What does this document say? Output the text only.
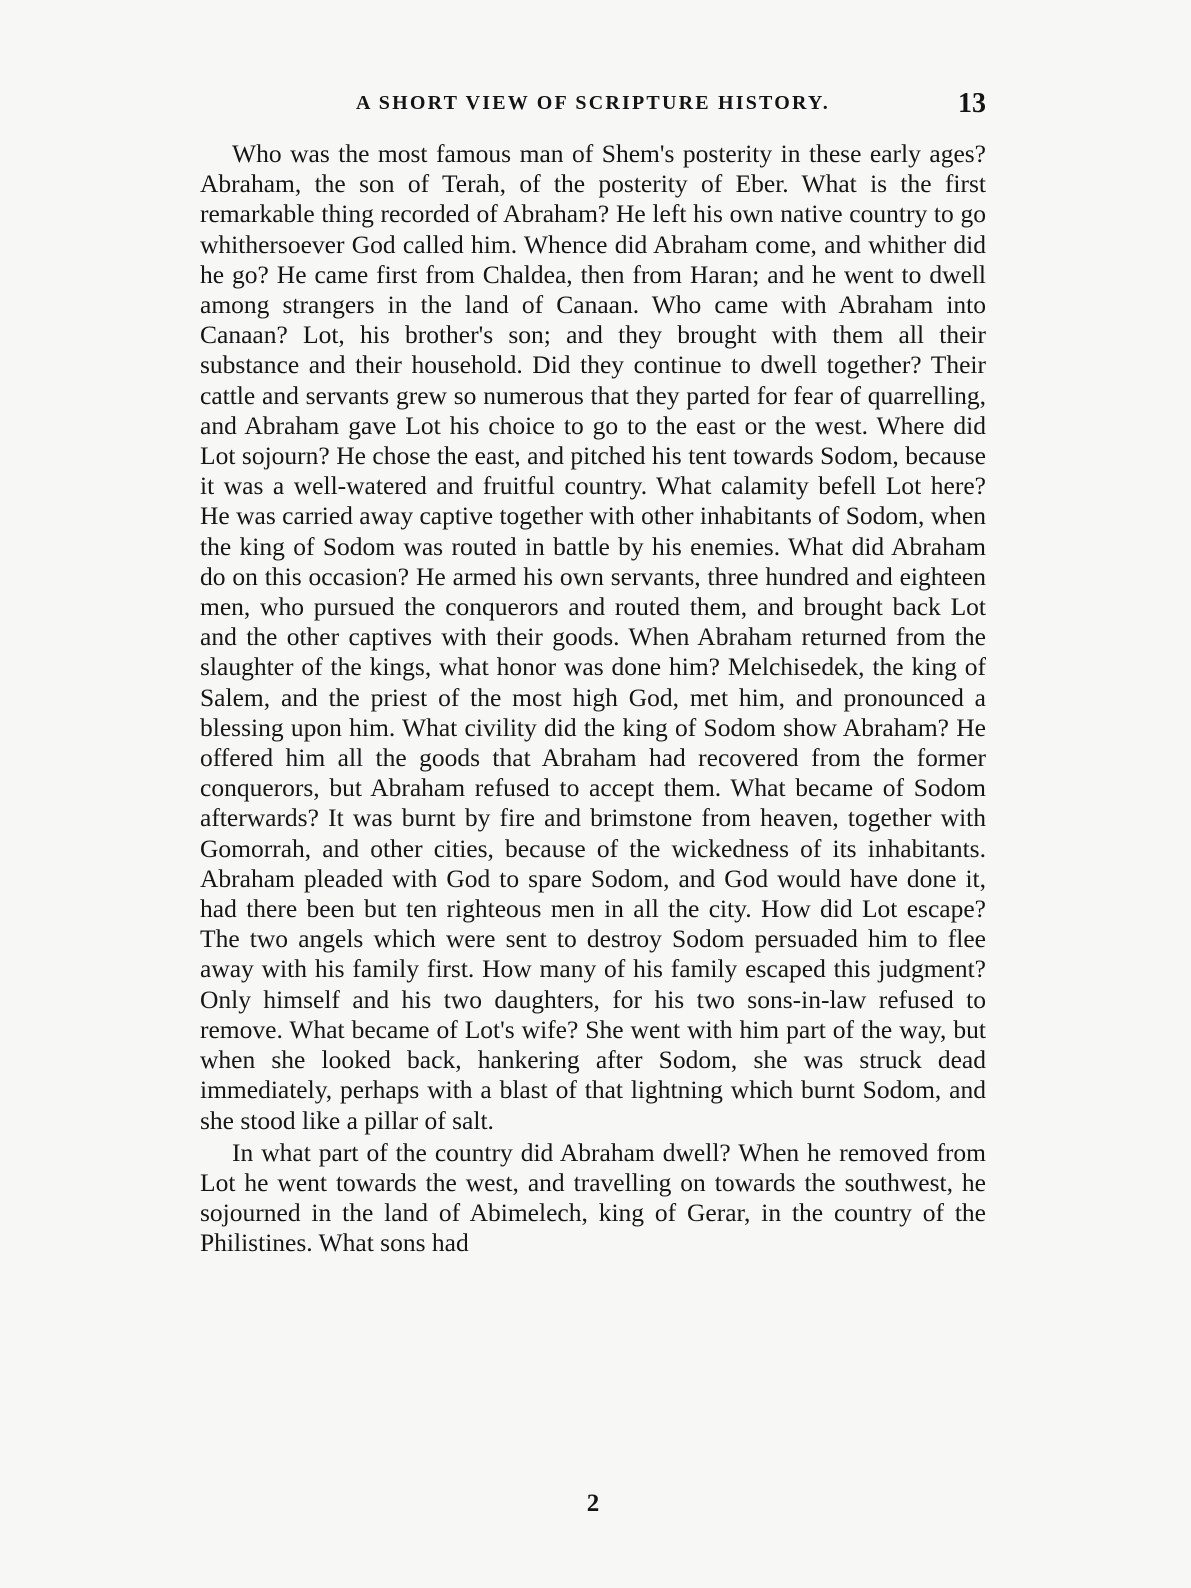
A SHORT VIEW OF SCRIPTURE HISTORY.	13

Who was the most famous man of Shem's posterity in these early ages? Abraham, the son of Terah, of the posterity of Eber. What is the first remarkable thing recorded of Abraham? He left his own native country to go whithersoever God called him. Whence did Abraham come, and whither did he go? He came first from Chaldea, then from Haran; and he went to dwell among strangers in the land of Canaan. Who came with Abraham into Canaan? Lot, his brother's son; and they brought with them all their substance and their household. Did they continue to dwell together? Their cattle and servants grew so numerous that they parted for fear of quarrelling, and Abraham gave Lot his choice to go to the east or the west. Where did Lot sojourn? He chose the east, and pitched his tent towards Sodom, because it was a well-watered and fruitful country. What calamity befell Lot here? He was carried away captive together with other inhabitants of Sodom, when the king of Sodom was routed in battle by his enemies. What did Abraham do on this occasion? He armed his own servants, three hundred and eighteen men, who pursued the conquerors and routed them, and brought back Lot and the other captives with their goods. When Abraham returned from the slaughter of the kings, what honor was done him? Melchisedek, the king of Salem, and the priest of the most high God, met him, and pronounced a blessing upon him. What civility did the king of Sodom show Abraham? He offered him all the goods that Abraham had recovered from the former conquerors, but Abraham refused to accept them. What became of Sodom afterwards? It was burnt by fire and brimstone from heaven, together with Gomorrah, and other cities, because of the wickedness of its inhabitants. Abraham pleaded with God to spare Sodom, and God would have done it, had there been but ten righteous men in all the city. How did Lot escape? The two angels which were sent to destroy Sodom persuaded him to flee away with his family first. How many of his family escaped this judgment? Only himself and his two daughters, for his two sons-in-law refused to remove. What became of Lot's wife? She went with him part of the way, but when she looked back, hankering after Sodom, she was struck dead immediately, perhaps with a blast of that lightning which burnt Sodom, and she stood like a pillar of salt.

In what part of the country did Abraham dwell? When he removed from Lot he went towards the west, and travelling on towards the southwest, he sojourned in the land of Abimelech, king of Gerar, in the country of the Philistines. What sons had

2
